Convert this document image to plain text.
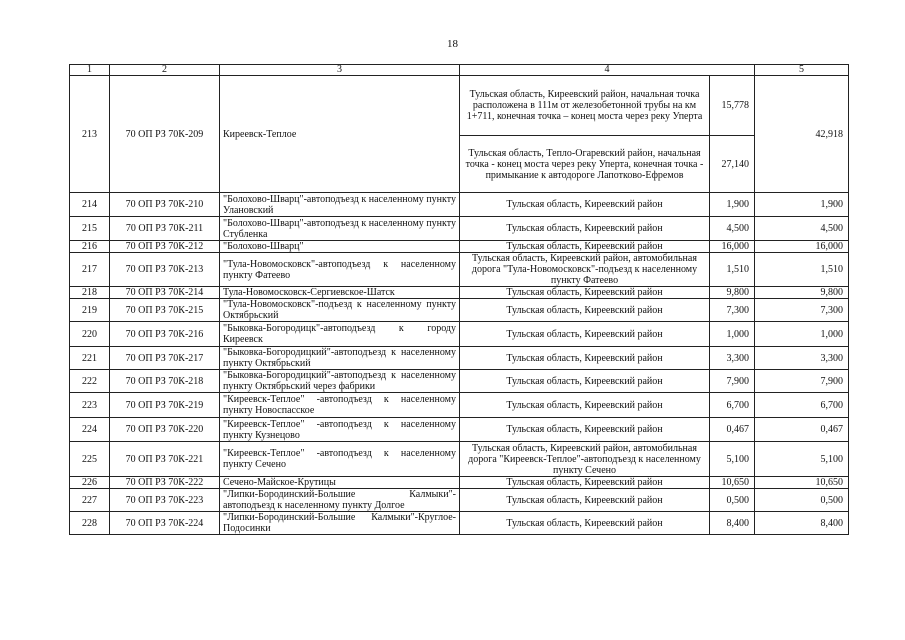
18
1	2	3	4		5
213	70 ОП РЗ 70К-209	Киреевск-Теплое	Тульская область, Киреевский район, начальная точка расположена в 111м от железобетонной трубы на км 1+711, конечная точка – конец моста через реку Уперта	15,778	42,918
			Тульская область, Тепло-Огаревский район, начальная точка - конец моста через реку Уперта, конечная точка - примыкание к автодороге Лапотково-Ефремов	27,140	
214	70 ОП РЗ 70К-210	"Болохово-Шварц"-автоподъезд к населенному пункту Улановский	Тульская область, Киреевский район	1,900	1,900
215	70 ОП РЗ 70К-211	"Болохово-Шварц"-автоподъезд к населенному пункту Стубленка	Тульская область, Киреевский район	4,500	4,500
216	70 ОП РЗ 70К-212	"Болохово-Шварц"	Тульская область, Киреевский район	16,000	16,000
217	70 ОП РЗ 70К-213	"Тула-Новомосковск"-автоподъезд к населенному пункту Фатеево	Тульская область, Киреевский район, автомобильная дорога "Тула-Новомосковск"-подъезд к населенному пункту Фатеево	1,510	1,510
218	70 ОП РЗ 70К-214	Тула-Новомосковск-Сергиевское-Шатск	Тульская область, Киреевский район	9,800	9,800
219	70 ОП РЗ 70К-215	"Тула-Новомосковск"-подъезд к населенному пункту Октябрьский	Тульская область, Киреевский район	7,300	7,300
220	70 ОП РЗ 70К-216	"Быковка-Богородицк"-автоподъезд к городу Киреевск	Тульская область, Киреевский район	1,000	1,000
221	70 ОП РЗ 70К-217	"Быковка-Богородицкий"-автоподъезд к населенному пункту Октябрьский	Тульская область, Киреевский район	3,300	3,300
222	70 ОП РЗ 70К-218	"Быковка-Богородицкий"-автоподъезд к населенному пункту Октябрьский через фабрики	Тульская область, Киреевский район	7,900	7,900
223	70 ОП РЗ 70К-219	"Киреевск-Теплое" -автоподъезд к населенному пункту Новоспасское	Тульская область, Киреевский район	6,700	6,700
224	70 ОП РЗ 70К-220	"Киреевск-Теплое" -автоподъезд к населенному пункту Кузнецово	Тульская область, Киреевский район	0,467	0,467
225	70 ОП РЗ 70К-221	"Киреевск-Теплое" -автоподъезд к населенному пункту Сечено	Тульская область, Киреевский район, автомобильная дорога "Киреевск-Теплое"-автоподъезд к населенному пункту Сечено	5,100	5,100
226	70 ОП РЗ 70К-222	Сечено-Майское-Крутицы	Тульская область, Киреевский район	10,650	10,650
227	70 ОП РЗ 70К-223	"Липки-Бородинский-Большие Калмыки"-автоподъезд к населенному пункту Долгое	Тульская область, Киреевский район	0,500	0,500
228	70 ОП РЗ 70К-224	"Липки-Бородинский-Большие Калмыки"-Круглое-Подосинки	Тульская область, Киреевский район	8,400	8,400
